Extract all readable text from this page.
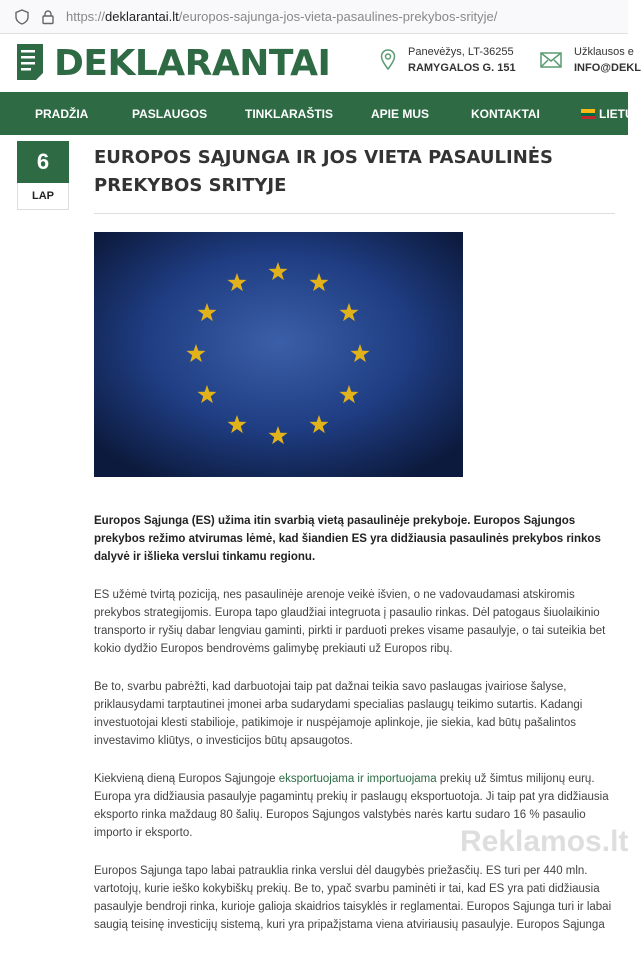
https://deklarantai.lt/europos-sajunga-jos-vieta-pasaulines-prekybos-srityje/
DEKLARANTAI	Panevėžys, LT-36255
RAMYGALOS G. 151
Užklausos e
INFO@DEKL
PRADŽIA	PASLAUGOS	TINKLARAŠTIS	APIE MUS	KONTAKTAI	LIETUV
6
LAP
EUROPOS SĄJUNGA IR JOS VIETA PASAULINĖS PREKYBOS SRITYJE

Europos Sąjunga (ES) užima itin svarbią vietą pasaulinėje prekyboje. Europos Sąjungos prekybos režimo atvirumas lėmė, kad šiandien ES yra didžiausia pasaulinės prekybos rinkos dalyvė ir išlieka verslui tinkamu regionu.

ES užėmė tvirtą poziciją, nes pasaulinėje arenoje veikė išvien, o ne vadovaudamasi atskiromis prekybos strategijomis. Europa tapo glaudžiai integruota į pasaulio rinkas. Dėl patogaus šiuolaikinio transporto ir ryšių dabar lengviau gaminti, pirkti ir parduoti prekes visame pasaulyje, o tai suteikia bet kokio dydžio Europos bendrovėms galimybę prekiauti už Europos ribų.

Be to, svarbu pabrėžti, kad darbuotojai taip pat dažnai teikia savo paslaugas įvairiose šalyse, priklausydami tarptautinei įmonei arba sudarydami specialias paslaugų teikimo sutartis. Kadangi investuotojai klesti stabilioje, patikimoje ir nuspėjamoje aplinkoje, jie siekia, kad būtų pašalintos investavimo kliūtys, o investicijos būtų apsaugotos.

Kiekvieną dieną Europos Sąjungoje eksportuojama ir importuojama prekių už šimtus milijonų eurų. Europa yra didžiausia pasaulyje pagamintų prekių ir paslaugų eksportuotoja. Ji taip pat yra didžiausia eksporto rinka maždaug 80 šalių. Europos Sąjungos valstybės narės kartu sudaro 16 % pasaulio importo ir eksporto.

Europos Sąjunga tapo labai patrauklia rinka verslui dėl daugybės priežasčių. ES turi per 440 mln. vartotojų, kurie ieško kokybiškų prekių. Be to, ypač svarbu paminėti ir tai, kad ES yra pati didžiausia pasaulyje bendroji rinka, kurioje galioja skaidrios taisyklės ir reglamentai. Europos Sąjunga turi ir labai saugią teisinę investicijų sistemą, kuri yra pripažįstama viena atviriausių pasaulyje. Europos Sąjunga

Reklamos.lt
